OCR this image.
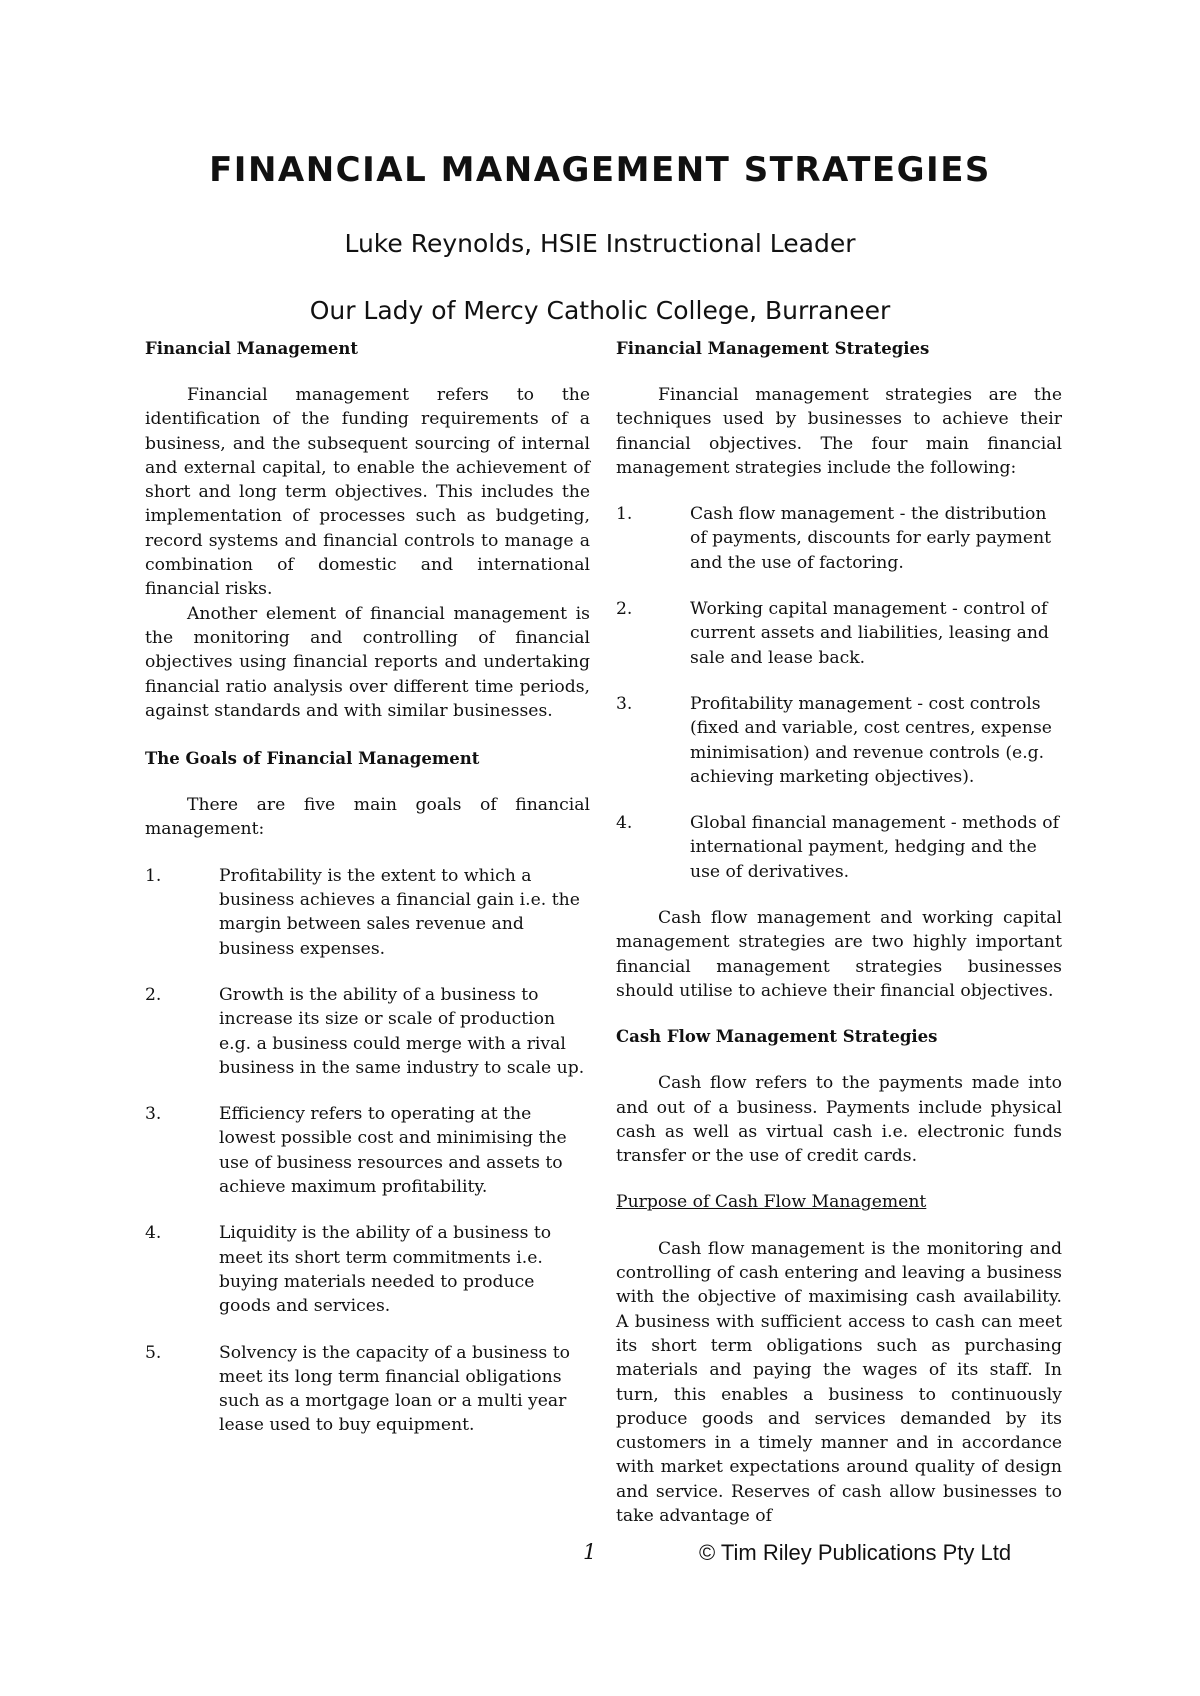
FINANCIAL MANAGEMENT STRATEGIES
Luke Reynolds, HSIE Instructional Leader
Our Lady of Mercy Catholic College, Burraneer
Financial Management

Financial management refers to the identification of the funding requirements of a business, and the subsequent sourcing of internal and external capital, to enable the achievement of short and long term objectives. This includes the implementation of processes such as budgeting, record systems and financial controls to manage a combination of domestic and international financial risks.

Another element of financial management is the monitoring and controlling of financial objectives using financial reports and undertaking financial ratio analysis over different time periods, against standards and with similar businesses.

The Goals of Financial Management

There are five main goals of financial management:

1.	Profitability is the extent to which a business achieves a financial gain i.e. the margin between sales revenue and business expenses.
2.	Growth is the ability of a business to increase its size or scale of production e.g. a business could merge with a rival business in the same industry to scale up.
3.	Efficiency refers to operating at the lowest possible cost and minimising the use of business resources and assets to achieve maximum profitability.
4.	Liquidity is the ability of a business to meet its short term commitments i.e. buying materials needed to produce goods and services.
5.	Solvency is the capacity of a business to meet its long term financial obligations such as a mortgage loan or a multi year lease used to buy equipment.
Financial Management Strategies

Financial management strategies are the techniques used by businesses to achieve their financial objectives. The four main financial management strategies include the following:

1.	Cash flow management - the distribution of payments, discounts for early payment and the use of factoring.
2.	Working capital management - control of current assets and liabilities, leasing and sale and lease back.
3.	Profitability management - cost controls (fixed and variable, cost centres, expense minimisation) and revenue controls (e.g. achieving marketing objectives).
4.	Global financial management - methods of international payment, hedging and the use of derivatives.

Cash flow management and working capital management strategies are two highly important financial management strategies businesses should utilise to achieve their financial objectives.

Cash Flow Management Strategies

Cash flow refers to the payments made into and out of a business. Payments include physical cash as well as virtual cash i.e. electronic funds transfer or the use of credit cards.

Purpose of Cash Flow Management

Cash flow management is the monitoring and controlling of cash entering and leaving a business with the objective of maximising cash availability. A business with sufficient access to cash can meet its short term obligations such as purchasing materials and paying the wages of its staff. In turn, this enables a business to continuously produce goods and services demanded by its customers in a timely manner and in accordance with market expectations around quality of design and service. Reserves of cash allow businesses to take advantage of

1	© Tim Riley Publications Pty Ltd
